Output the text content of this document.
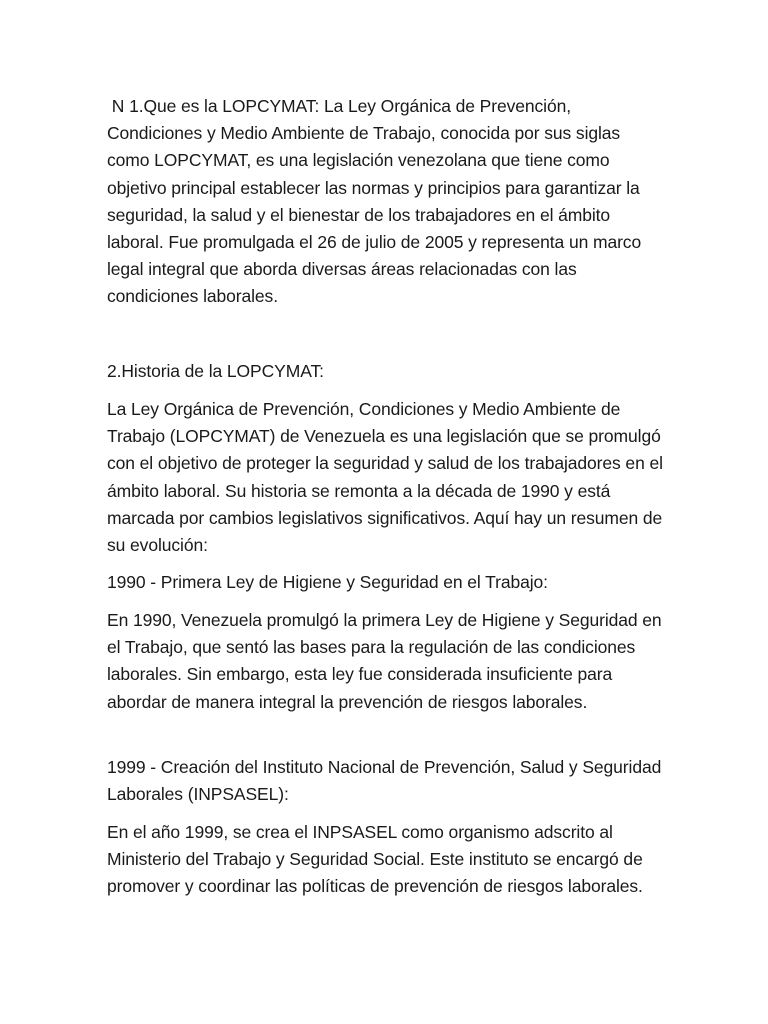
N 1.Que es la LOPCYMAT: La Ley Orgánica de Prevención, Condiciones y Medio Ambiente de Trabajo, conocida por sus siglas como LOPCYMAT, es una legislación venezolana que tiene como objetivo principal establecer las normas y principios para garantizar la seguridad, la salud y el bienestar de los trabajadores en el ámbito laboral. Fue promulgada el 26 de julio de 2005 y representa un marco legal integral que aborda diversas áreas relacionadas con las condiciones laborales.

2.Historia de la LOPCYMAT:

La Ley Orgánica de Prevención, Condiciones y Medio Ambiente de Trabajo (LOPCYMAT) de Venezuela es una legislación que se promulgó con el objetivo de proteger la seguridad y salud de los trabajadores en el ámbito laboral. Su historia se remonta a la década de 1990 y está marcada por cambios legislativos significativos. Aquí hay un resumen de su evolución:

1990 - Primera Ley de Higiene y Seguridad en el Trabajo:

En 1990, Venezuela promulgó la primera Ley de Higiene y Seguridad en el Trabajo, que sentó las bases para la regulación de las condiciones laborales. Sin embargo, esta ley fue considerada insuficiente para abordar de manera integral la prevención de riesgos laborales.

1999 - Creación del Instituto Nacional de Prevención, Salud y Seguridad Laborales (INPSASEL):

En el año 1999, se crea el INPSASEL como organismo adscrito al Ministerio del Trabajo y Seguridad Social. Este instituto se encargó de promover y coordinar las políticas de prevención de riesgos laborales.
